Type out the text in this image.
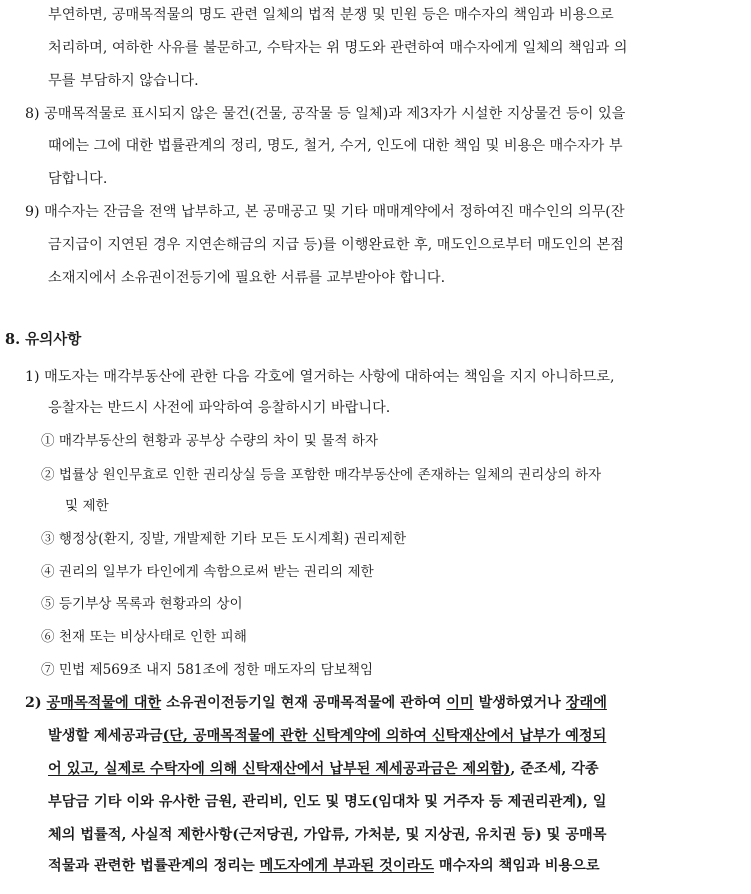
부연하면, 공매목적물의 명도 관련 일체의 법적 분쟁 및 민원 등은 매수자의 책임과 비용으로
처리하며, 여하한 사유를 불문하고, 수탁자는 위 명도와 관련하여 매수자에게 일체의 책임과 의
무를 부담하지 않습니다.
8) 공매목적물로 표시되지 않은 물건(건물, 공작물 등 일체)과 제3자가 시설한 지상물건 등이 있을
때에는 그에 대한 법률관계의 정리, 명도, 철거, 수거, 인도에 대한 책임 및 비용은 매수자가 부
담합니다.
9) 매수자는 잔금을 전액 납부하고, 본 공매공고 및 기타 매매계약에서 정하여진 매수인의 의무(잔
금지급이 지연된 경우 지연손해금의 지급 등)를 이행완료한 후, 매도인으로부터 매도인의 본점
소재지에서 소유권이전등기에 필요한 서류를 교부받아야 합니다.
8. 유의사항
1) 매도자는 매각부동산에 관한 다음 각호에 열거하는 사항에 대하여는 책임을 지지 아니하므로,
응찰자는 반드시 사전에 파악하여 응찰하시기 바랍니다.
① 매각부동산의 현황과 공부상 수량의 차이 및 물적 하자
② 법률상 원인무효로 인한 권리상실 등을 포함한 매각부동산에 존재하는 일체의 권리상의 하자
및 제한
③ 행정상(환지, 징발, 개발제한 기타 모든 도시계획) 권리제한
④ 권리의 일부가 타인에게 속함으로써 받는 권리의 제한
⑤ 등기부상 목록과 현황과의 상이
⑥ 천재 또는 비상사태로 인한 피해
⑦ 민법 제569조 내지 581조에 정한 매도자의 담보책임
2) 공매목적물에 대한 소유권이전등기일 현재 공매목적물에 관하여 이미 발생하였거나 장래에
발생할 제세공과금(단, 공매목적물에 관한 신탁계약에 의하여 신탁재산에서 납부가 예정되
어 있고, 실제로 수탁자에 의해 신탁재산에서 납부된 제세공과금은 제외함), 준조세, 각종
부담금 기타 이와 유사한 금원, 관리비, 인도 및 명도(임대차 및 거주자 등 제권리관계), 일
체의 법률적, 사실적 제한사항(근저당권, 가압류, 가처분, 및 지상권, 유치권 등) 및 공매목
적물과 관련한 법률관계의 정리는 메도자에게 부과된 것이라도 매수자의 책임과 비용으로
